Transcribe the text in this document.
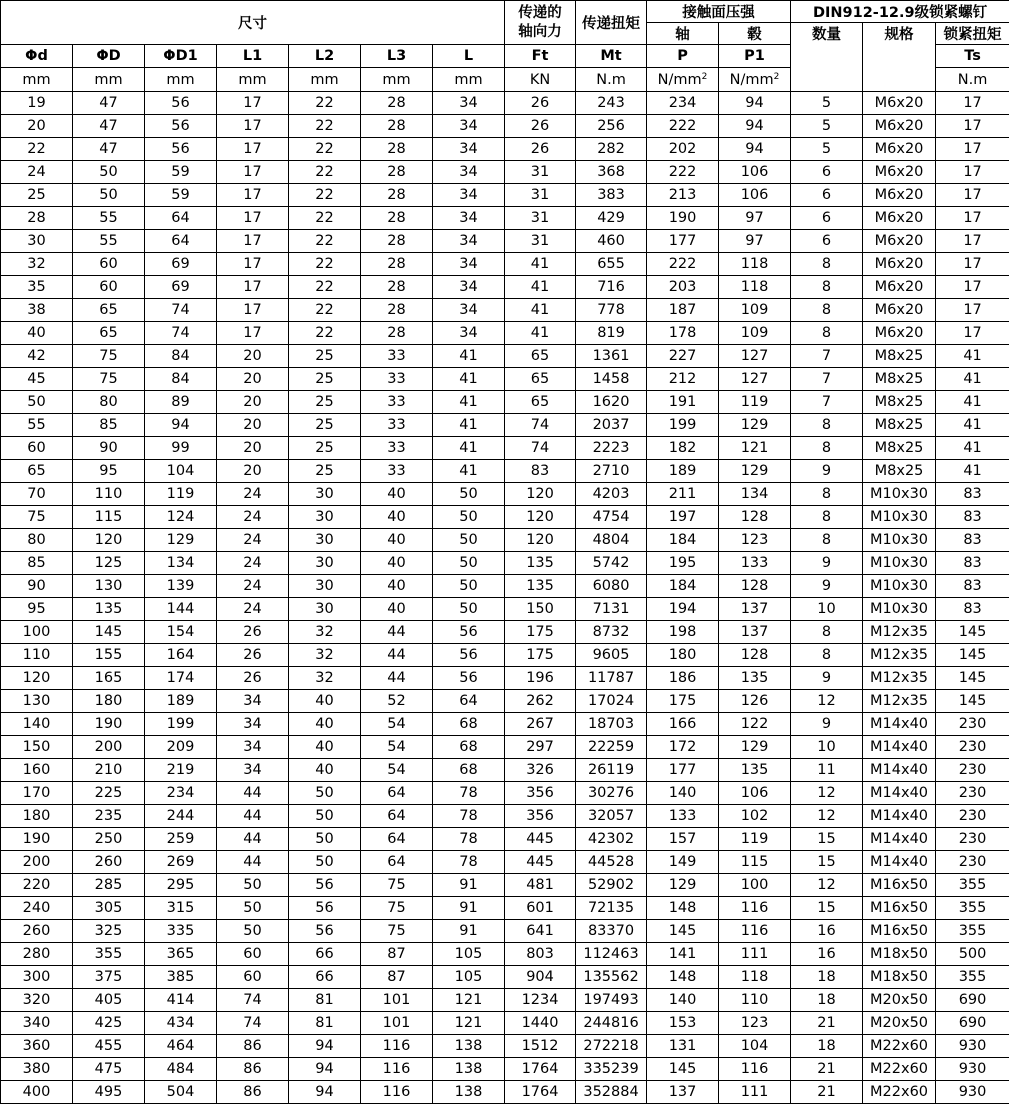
尺寸							传递的
轴向力	传递扭矩	接触面压强		DIN912-12.9级锁紧螺钉		
									轴	毂	数量	规格	锁紧扭矩
Φd	ΦD	ΦD1	L1	L2	L3	L	Ft	Mt	P	P1			Ts
mm	mm	mm	mm	mm	mm	mm	KN	N.m	$N/mm^2$	$N/mm^2$			N.m
19	47	56	17	22	28	34	26	243	234	94	5	M6x20	17
20	47	56	17	22	28	34	26	256	222	94	5	M6x20	17
22	47	56	17	22	28	34	26	282	202	94	5	M6x20	17
24	50	59	17	22	28	34	31	368	222	106	6	M6x20	17
25	50	59	17	22	28	34	31	383	213	106	6	M6x20	17
28	55	64	17	22	28	34	31	429	190	97	6	M6x20	17
30	55	64	17	22	28	34	31	460	177	97	6	M6x20	17
32	60	69	17	22	28	34	41	655	222	118	8	M6x20	17
35	60	69	17	22	28	34	41	716	203	118	8	M6x20	17
38	65	74	17	22	28	34	41	778	187	109	8	M6x20	17
40	65	74	17	22	28	34	41	819	178	109	8	M6x20	17
42	75	84	20	25	33	41	65	1361	227	127	7	M8x25	41
45	75	84	20	25	33	41	65	1458	212	127	7	M8x25	41
50	80	89	20	25	33	41	65	1620	191	119	7	M8x25	41
55	85	94	20	25	33	41	74	2037	199	129	8	M8x25	41
60	90	99	20	25	33	41	74	2223	182	121	8	M8x25	41
65	95	104	20	25	33	41	83	2710	189	129	9	M8x25	41
70	110	119	24	30	40	50	120	4203	211	134	8	M10x30	83
75	115	124	24	30	40	50	120	4754	197	128	8	M10x30	83
80	120	129	24	30	40	50	120	4804	184	123	8	M10x30	83
85	125	134	24	30	40	50	135	5742	195	133	9	M10x30	83
90	130	139	24	30	40	50	135	6080	184	128	9	M10x30	83
95	135	144	24	30	40	50	150	7131	194	137	10	M10x30	83
100	145	154	26	32	44	56	175	8732	198	137	8	M12x35	145
110	155	164	26	32	44	56	175	9605	180	128	8	M12x35	145
120	165	174	26	32	44	56	196	11787	186	135	9	M12x35	145
130	180	189	34	40	52	64	262	17024	175	126	12	M12x35	145
140	190	199	34	40	54	68	267	18703	166	122	9	M14x40	230
150	200	209	34	40	54	68	297	22259	172	129	10	M14x40	230
160	210	219	34	40	54	68	326	26119	177	135	11	M14x40	230
170	225	234	44	50	64	78	356	30276	140	106	12	M14x40	230
180	235	244	44	50	64	78	356	32057	133	102	12	M14x40	230
190	250	259	44	50	64	78	445	42302	157	119	15	M14x40	230
200	260	269	44	50	64	78	445	44528	149	115	15	M14x40	230
220	285	295	50	56	75	91	481	52902	129	100	12	M16x50	355
240	305	315	50	56	75	91	601	72135	148	116	15	M16x50	355
260	325	335	50	56	75	91	641	83370	145	116	16	M16x50	355
280	355	365	60	66	87	105	803	112463	141	111	16	M18x50	500
300	375	385	60	66	87	105	904	135562	148	118	18	M18x50	355
320	405	414	74	81	101	121	1234	197493	140	110	18	M20x50	690
340	425	434	74	81	101	121	1440	244816	153	123	21	M20x50	690
360	455	464	86	94	116	138	1512	272218	131	104	18	M22x60	930
380	475	484	86	94	116	138	1764	335239	145	116	21	M22x60	930
400	495	504	86	94	116	138	1764	352884	137	111	21	M22x60	930
